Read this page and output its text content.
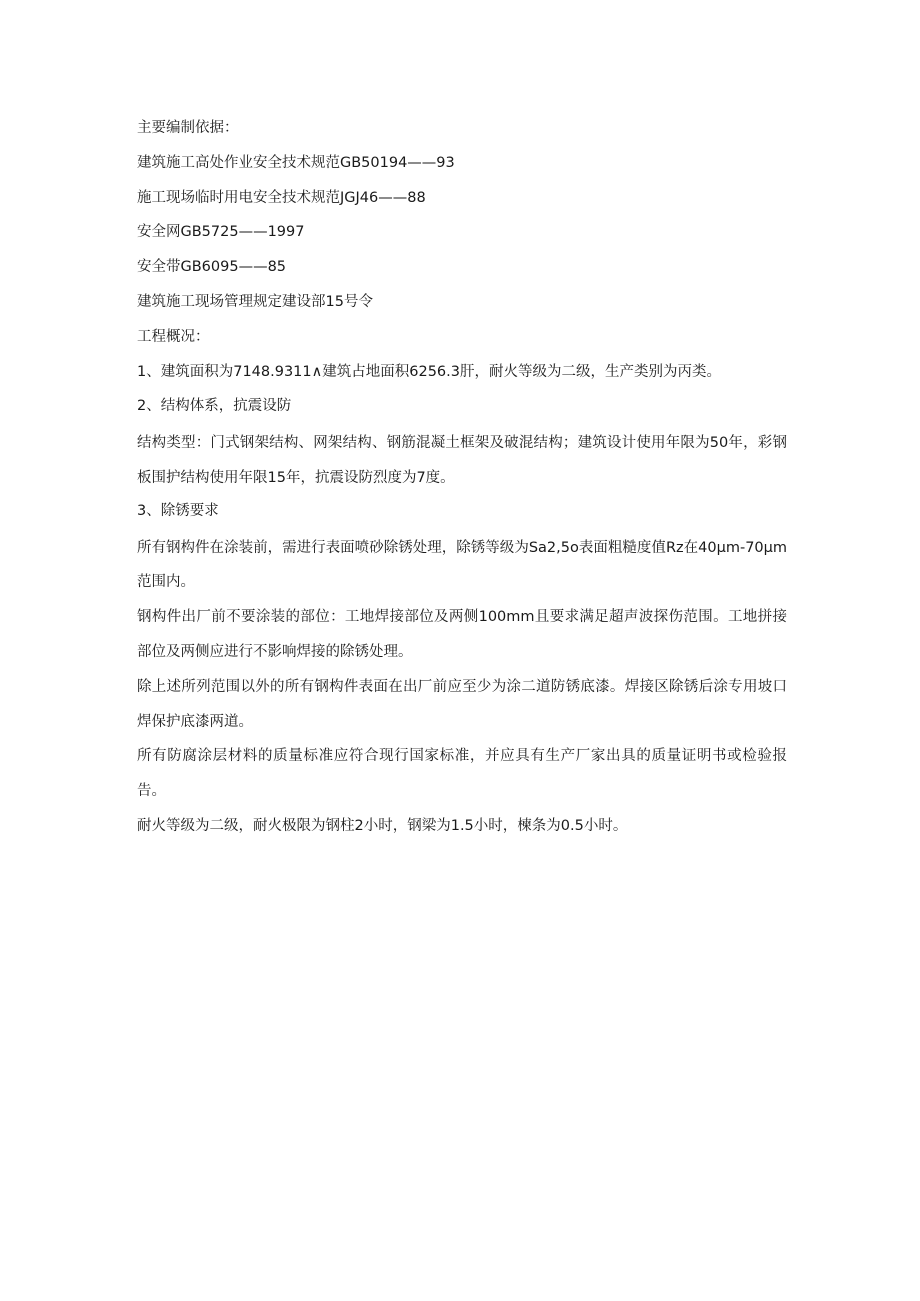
主要编制依据：
建筑施工高处作业安全技术规范GB50194——93
施工现场临时用电安全技术规范JGJ46——88
安全网GB5725——1997
安全带GB6095——85
建筑施工现场管理规定建设部15号令
工程概况：
1、建筑面积为7148.9311∧建筑占地面积6256.3肝，耐火等级为二级，生产类别为丙类。
2、结构体系，抗震设防
结构类型：门式钢架结构、网架结构、钢筋混凝土框架及破混结构；建筑设计使用年限为50年，彩钢板围护结构使用年限15年，抗震设防烈度为7度。
3、除锈要求
所有钢构件在涂装前，需进行表面喷砂除锈处理，除锈等级为Sa2,5o表面粗糙度值Rz在40μm-70μm范围内。
钢构件出厂前不要涂装的部位：工地焊接部位及两侧100mm且要求满足超声波探伤范围。工地拼接部位及两侧应进行不影响焊接的除锈处理。
除上述所列范围以外的所有钢构件表面在出厂前应至少为涂二道防锈底漆。焊接区除锈后涂专用坡口焊保护底漆两道。
所有防腐涂层材料的质量标准应符合现行国家标准，并应具有生产厂家出具的质量证明书或检验报告。
耐火等级为二级，耐火极限为钢柱2小时，钢梁为1.5小时，楝条为0.5小时。
